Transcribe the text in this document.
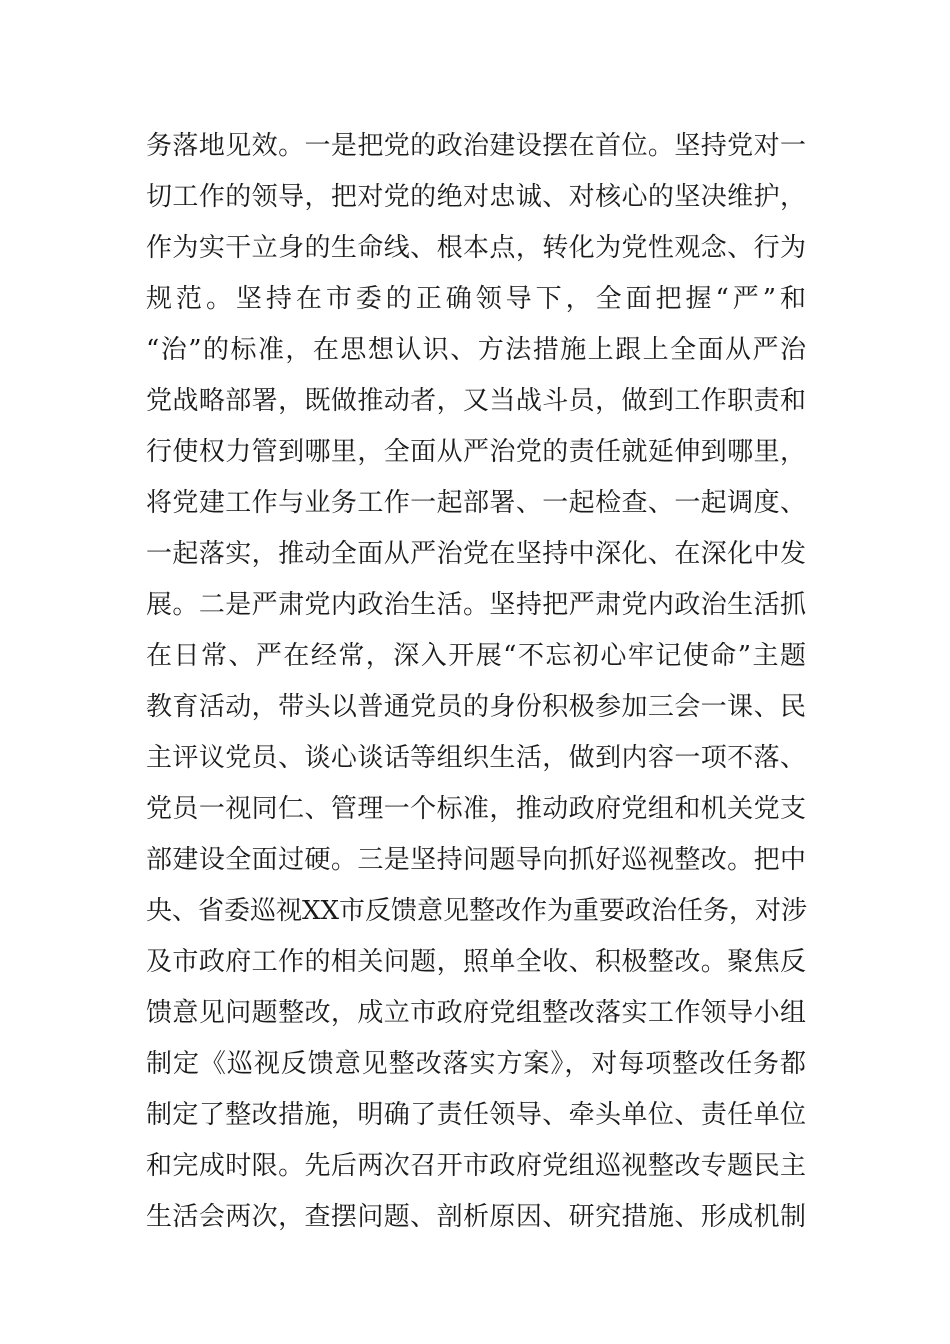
务落地见效。一是把党的政治建设摆在首位。坚持党对一
切工作的领导，把对党的绝对忠诚、对核心的坚决维护，
作为实干立身的生命线、根本点，转化为党性观念、行为
规范。坚持在市委的正确领导下，全面把握“严”和
“治”的标准，在思想认识、方法措施上跟上全面从严治
党战略部署，既做推动者，又当战斗员，做到工作职责和
行使权力管到哪里，全面从严治党的责任就延伸到哪里，
将党建工作与业务工作一起部署、一起检查、一起调度、
一起落实，推动全面从严治党在坚持中深化、在深化中发
展。二是严肃党内政治生活。坚持把严肃党内政治生活抓
在日常、严在经常，深入开展“不忘初心牢记使命”主题
教育活动，带头以普通党员的身份积极参加三会一课、民
主评议党员、谈心谈话等组织生活，做到内容一项不落、
党员一视同仁、管理一个标准，推动政府党组和机关党支
部建设全面过硬。三是坚持问题导向抓好巡视整改。把中
央、省委巡视XX市反馈意见整改作为重要政治任务，对涉
及市政府工作的相关问题，照单全收、积极整改。聚焦反
馈意见问题整改，成立市政府党组整改落实工作领导小组
制定《巡视反馈意见整改落实方案》，对每项整改任务都
制定了整改措施，明确了责任领导、牵头单位、责任单位
和完成时限。先后两次召开市政府党组巡视整改专题民主
生活会两次，查摆问题、剖析原因、研究措施、形成机制
